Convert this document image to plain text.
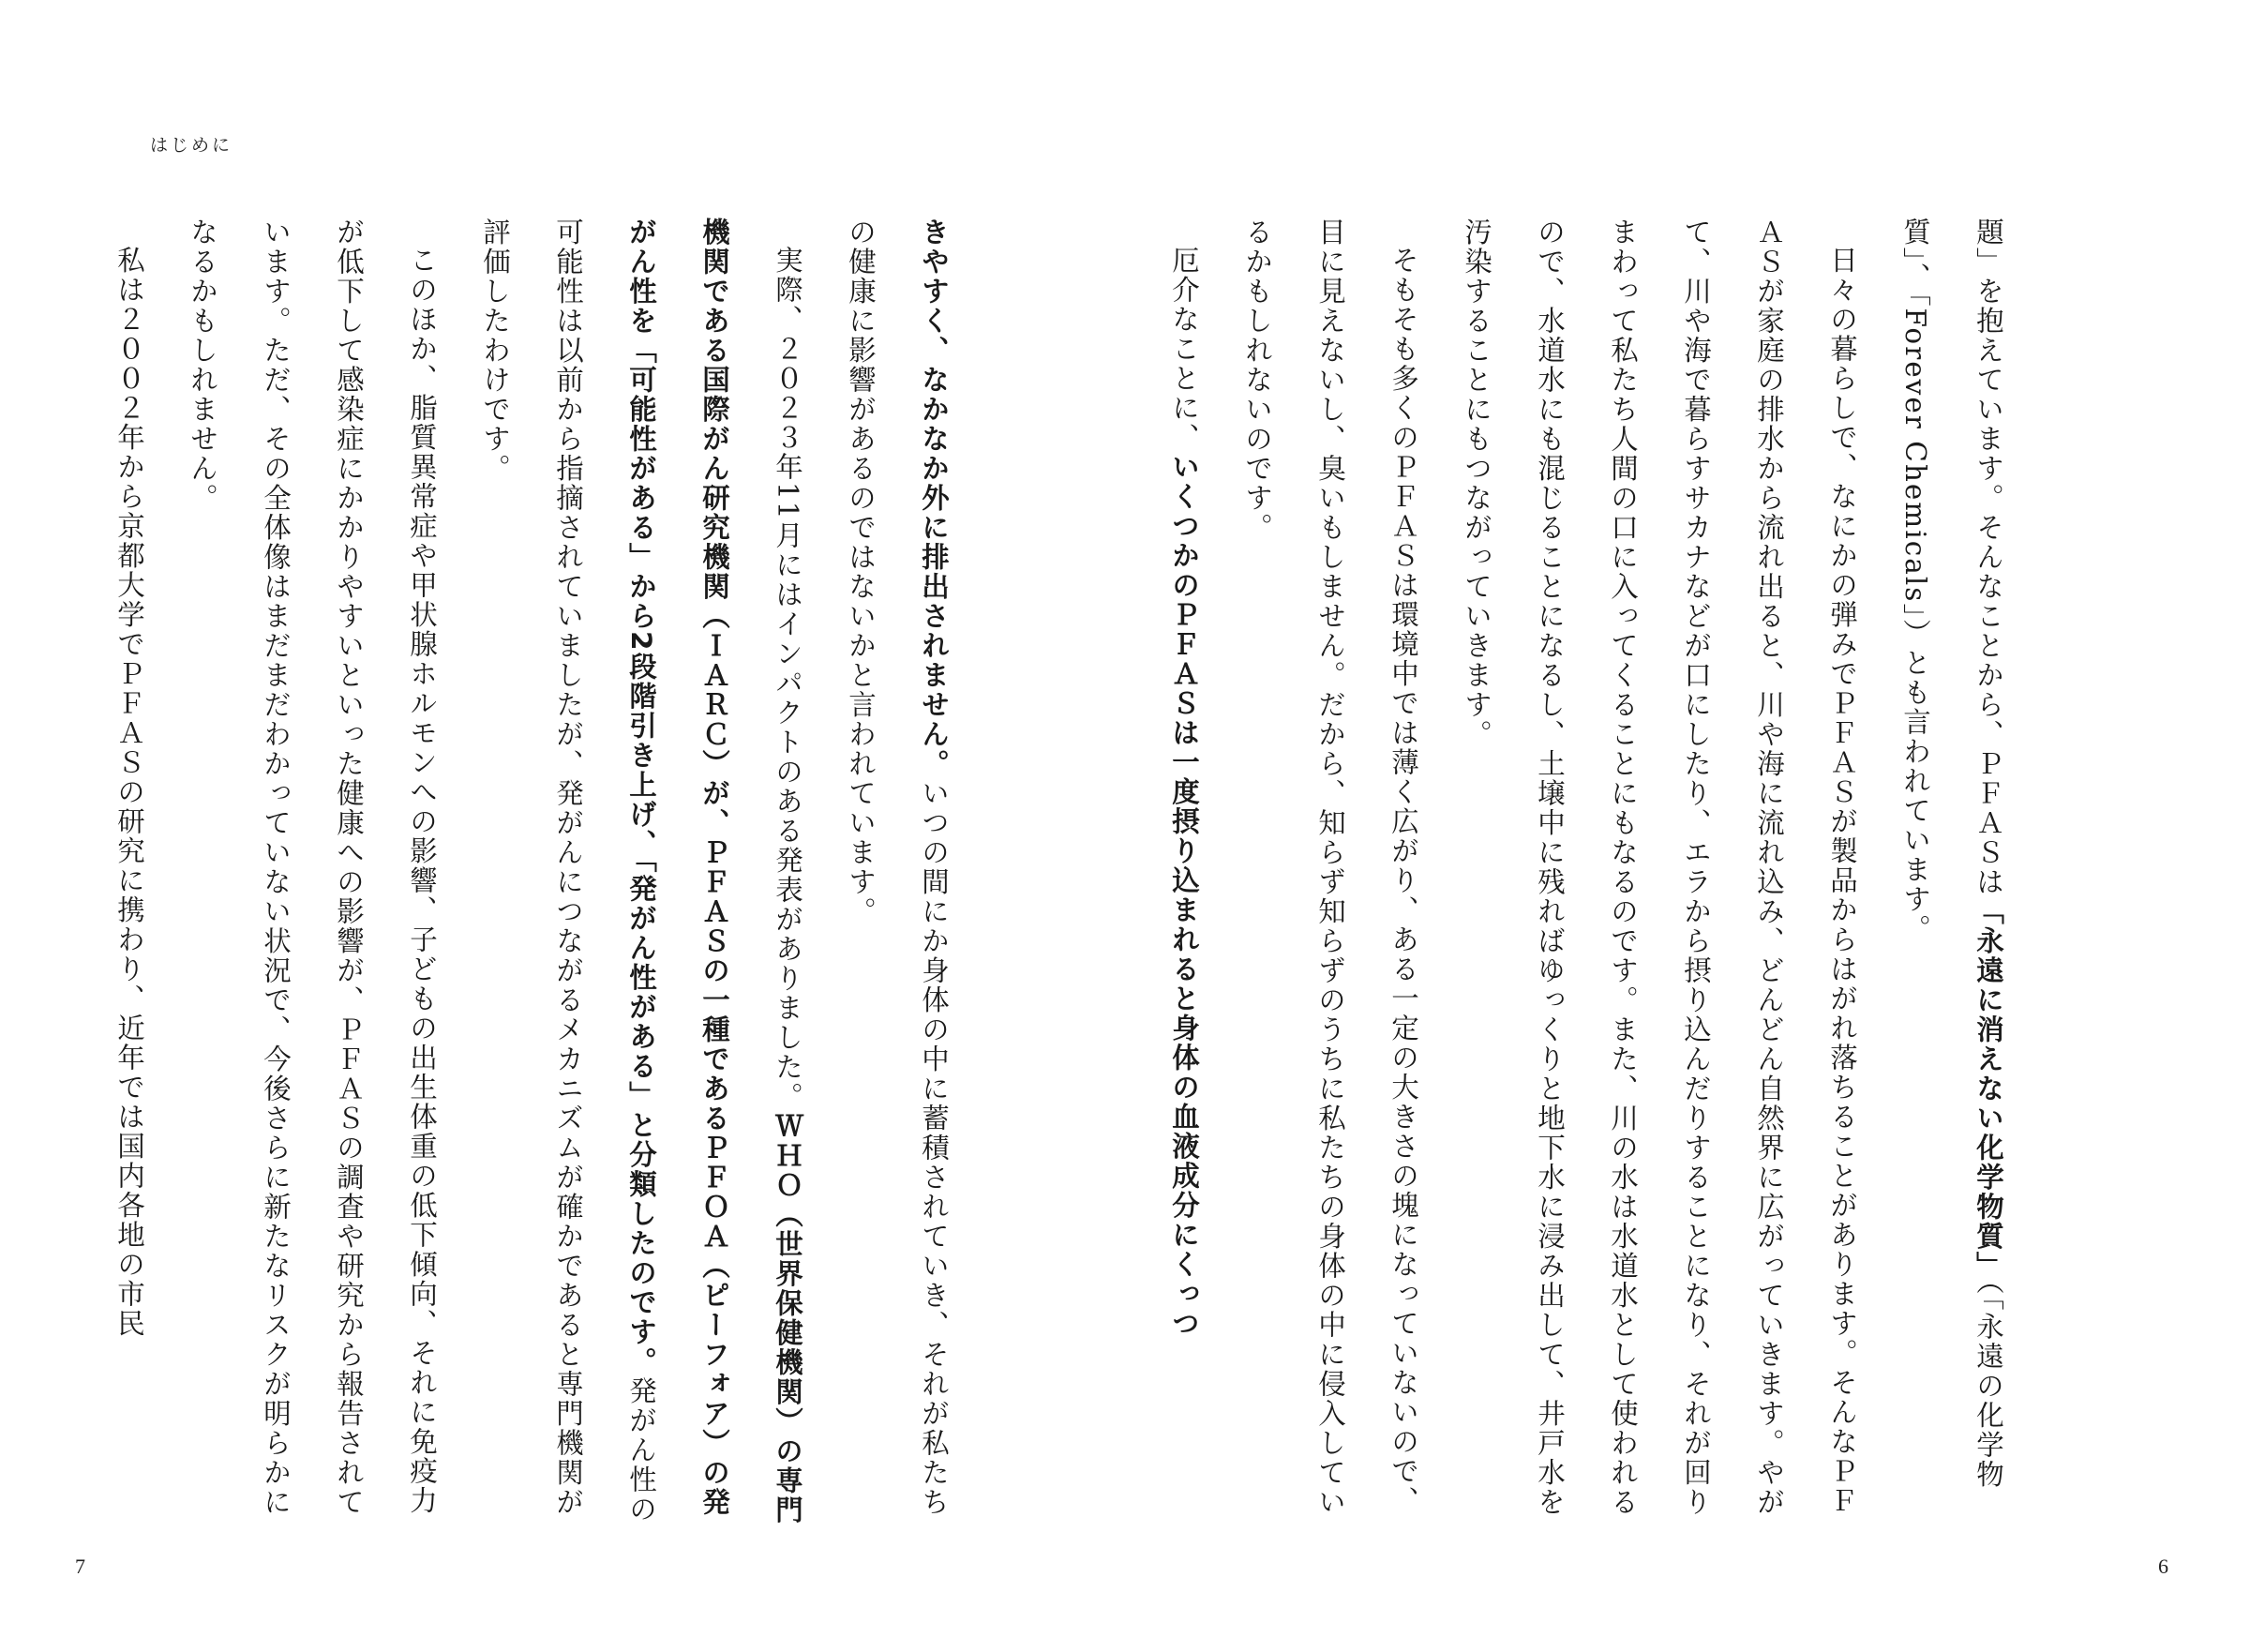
はじめに

題」を抱えています。そんなことから、ＰＦＡＳは「永遠に消えない化学物質」（「永遠の化学物質」、「Forever Chemicals」）とも言われています。

日々の暮らしで、なにかの弾みでＰＦＡＳが製品からはがれ落ちることがあります。そんなＰＦＡＳが家庭の排水から流れ出ると、川や海に流れ込み、どんどん自然界に広がっていきます。やがて、川や海で暮らすサカナなどが口にしたり、エラから摂り込んだりすることになり、それが回りまわって私たち人間の口に入ってくることにもなるのです。また、川の水は水道水として使われるので、水道水にも混じることになるし、土壌中に残ればゆっくりと地下水に浸み出して、井戸水を汚染することにもつながっていきます。

そもそも多くのＰＦＡＳは環境中では薄く広がり、ある一定の大きさの塊になっていないので、目に見えないし、臭いもしません。だから、知らず知らずのうちに私たちの身体の中に侵入しているかもしれないのです。

厄介なことに、いくつかのＰＦＡＳは一度摂り込まれると身体の血液成分にくっつ

きやすく、なかなか外に排出されません。いつの間にか身体の中に蓄積されていき、それが私たちの健康に影響があるのではないかと言われています。

実際、２０２３年11月にはインパクトのある発表がありました。ＷＨＯ（世界保健機関）の専門機関である国際がん研究機関（ＩＡＲＣ）が、ＰＦＡＳの一種であるＰＦＯＡ（ピーフォア）の発がん性を「可能性がある」から2段階引き上げ、「発がん性がある」と分類したのです。発がん性の可能性は以前から指摘されていましたが、発がんにつながるメカニズムが確かであると専門機関が評価したわけです。

このほか、脂質異常症や甲状腺ホルモンへの影響、子どもの出生体重の低下傾向、それに免疫力が低下して感染症にかかりやすいといった健康への影響が、ＰＦＡＳの調査や研究から報告されています。ただ、その全体像はまだまだわかっていない状況で、今後さらに新たなリスクが明らかになるかもしれません。

私は２００２年から京都大学でＰＦＡＳの研究に携わり、近年では国内各地の市民

7	6
